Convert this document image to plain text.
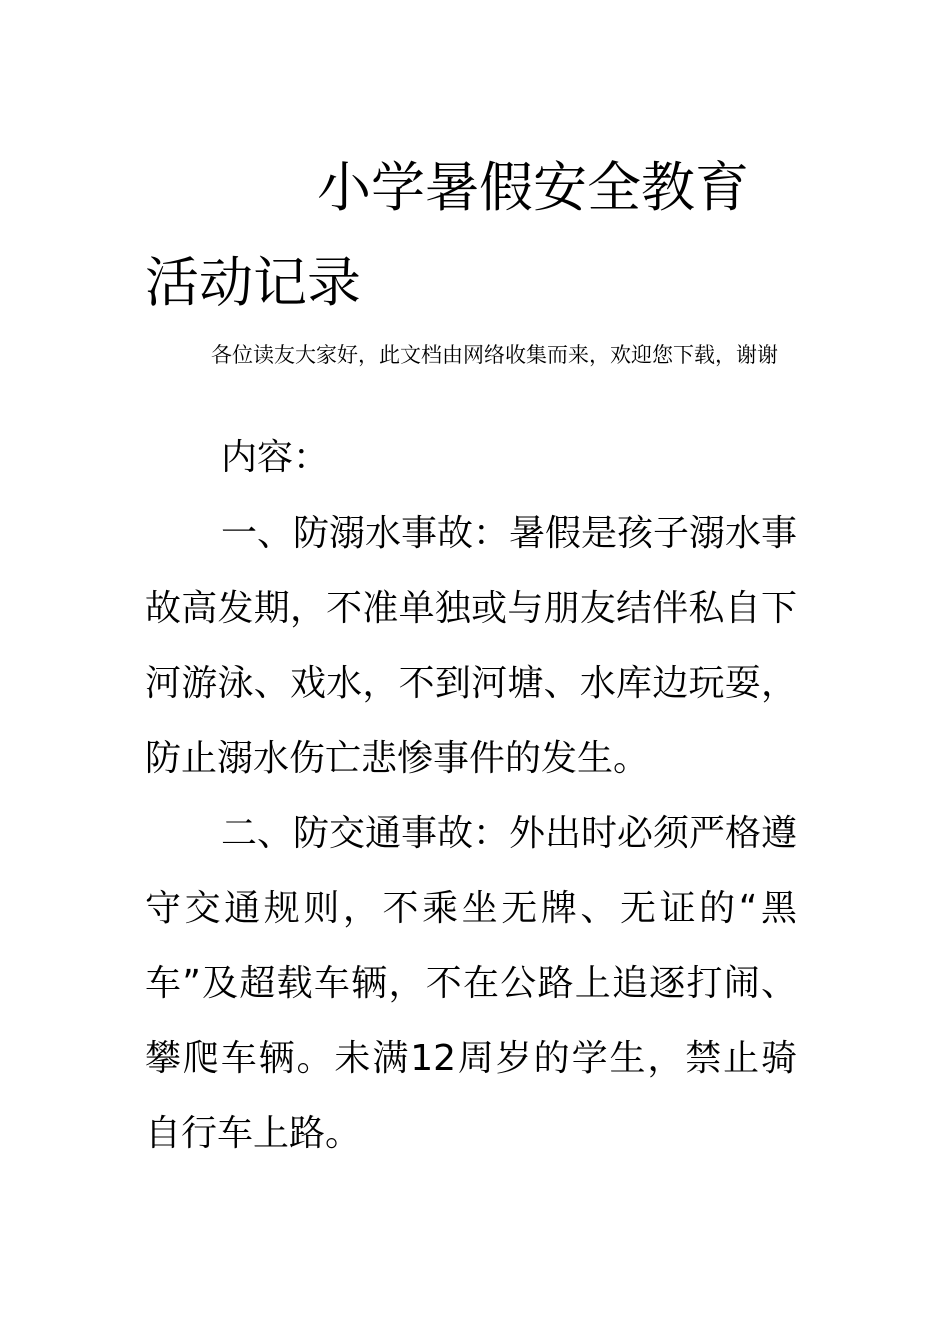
小学暑假安全教育活动记录

各位读友大家好，此文档由网络收集而来，欢迎您下载，谢谢

内容：

一、防溺水事故：暑假是孩子溺水事故高发期，不准单独或与朋友结伴私自下河游泳、戏水，不到河塘、水库边玩耍，防止溺水伤亡悲惨事件的发生。

二、防交通事故：外出时必须严格遵守交通规则，不乘坐无牌、无证的“黑车”及超载车辆，不在公路上追逐打闹、攀爬车辆。未满12周岁的学生，禁止骑自行车上路。
